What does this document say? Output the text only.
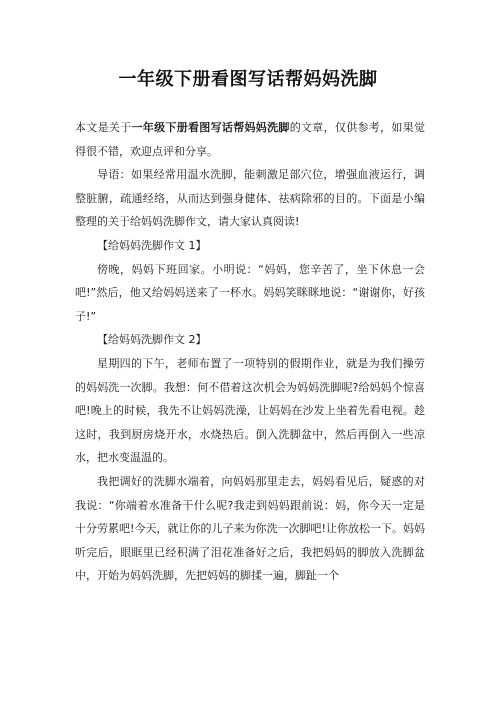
一年级下册看图写话帮妈妈洗脚

本文是关于一年级下册看图写话帮妈妈洗脚的文章，仅供参考，如果觉得很不错，欢迎点评和分享。

导语：如果经常用温水洗脚，能刺激足部穴位，增强血液运行，调整脏腑，疏通经络，从而达到强身健体、祛病除邪的目的。下面是小编整理的关于给妈妈洗脚作文，请大家认真阅读!

【给妈妈洗脚作文 1】

傍晚，妈妈下班回家。小明说：“妈妈，您辛苦了，坐下休息一会吧!”然后，他又给妈妈送来了一杯水。妈妈笑眯眯地说：“谢谢你，好孩子!”

【给妈妈洗脚作文 2】

星期四的下午，老师布置了一项特别的假期作业，就是为我们操劳的妈妈洗一次脚。我想：何不借着这次机会为妈妈洗脚呢?给妈妈个惊喜吧!晚上的时候，我先不让妈妈洗澡，让妈妈在沙发上坐着先看电视。趁这时，我到厨房烧开水，水烧热后。倒入洗脚盆中，然后再倒入一些凉水，把水变温温的。

我把调好的洗脚水端着，向妈妈那里走去，妈妈看见后，疑惑的对我说：“你端着水准备干什么呢?我走到妈妈跟前说：妈，你今天一定是十分劳累吧!今天，就让你的儿子来为你洗一次脚吧!让你放松一下。妈妈听完后，眼眶里已经积满了泪花准备好之后，我把妈妈的脚放入洗脚盆中，开始为妈妈洗脚，先把妈妈的脚揉一遍，脚趾一个
